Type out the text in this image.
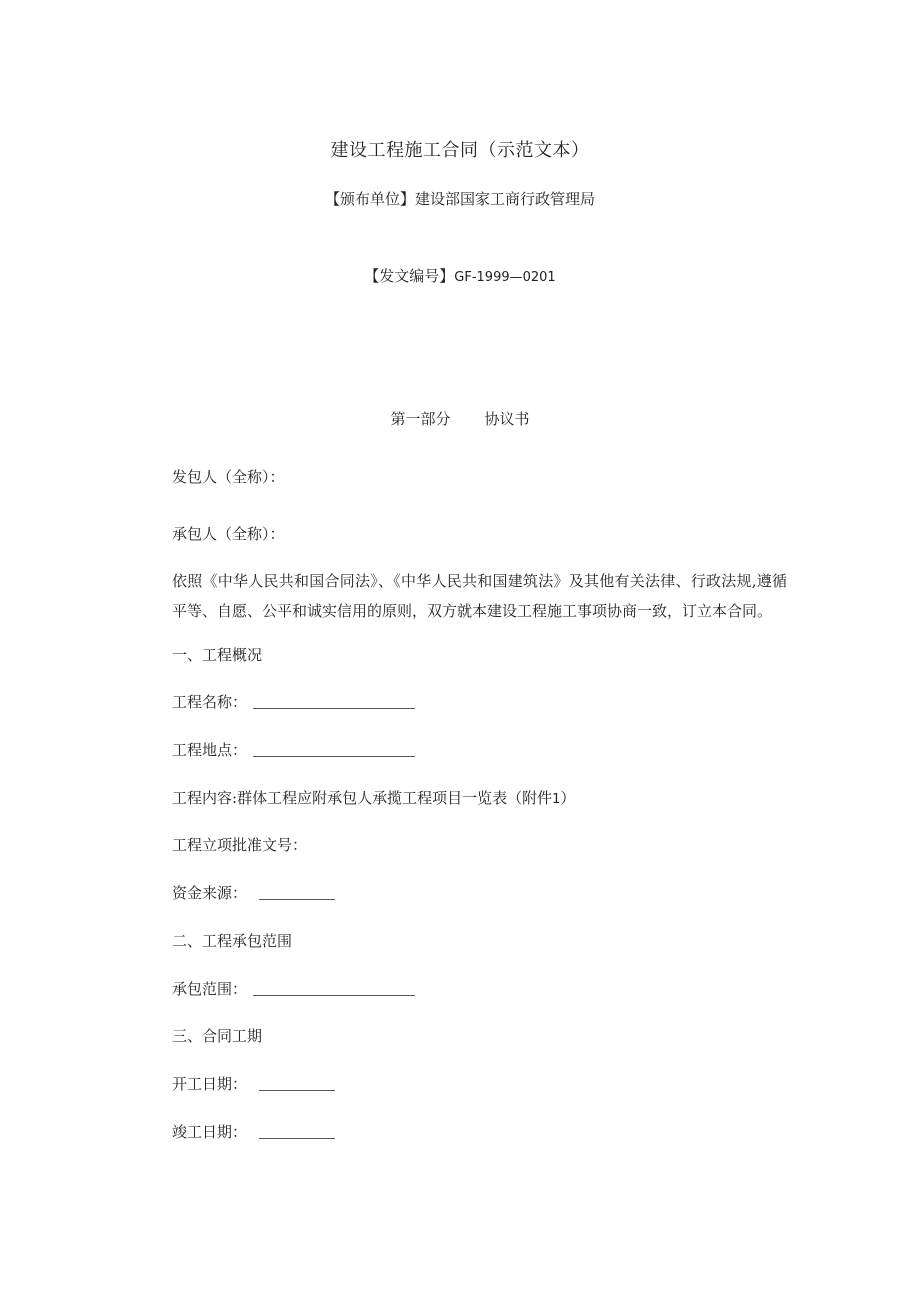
建设工程施工合同（示范文本）
【颁布单位】建设部国家工商行政管理局
【发文编号】GF-1999—0201
第一部分 协议书
发包人（全称）：
承包人（全称）：
依照《中华人民共和国合同法》、《中华人民共和国建筑法》及其他有关法律、行政法规,遵循平等、自愿、公平和诚实信用的原则，双方就本建设工程施工事项协商一致，订立本合同。
一、工程概况
工程名称：
工程地点：
工程内容:群体工程应附承包人承揽工程项目一览表（附件1）
工程立项批准文号：
资金来源：
二、工程承包范围
承包范围：
三、合同工期
开工日期：
竣工日期：
